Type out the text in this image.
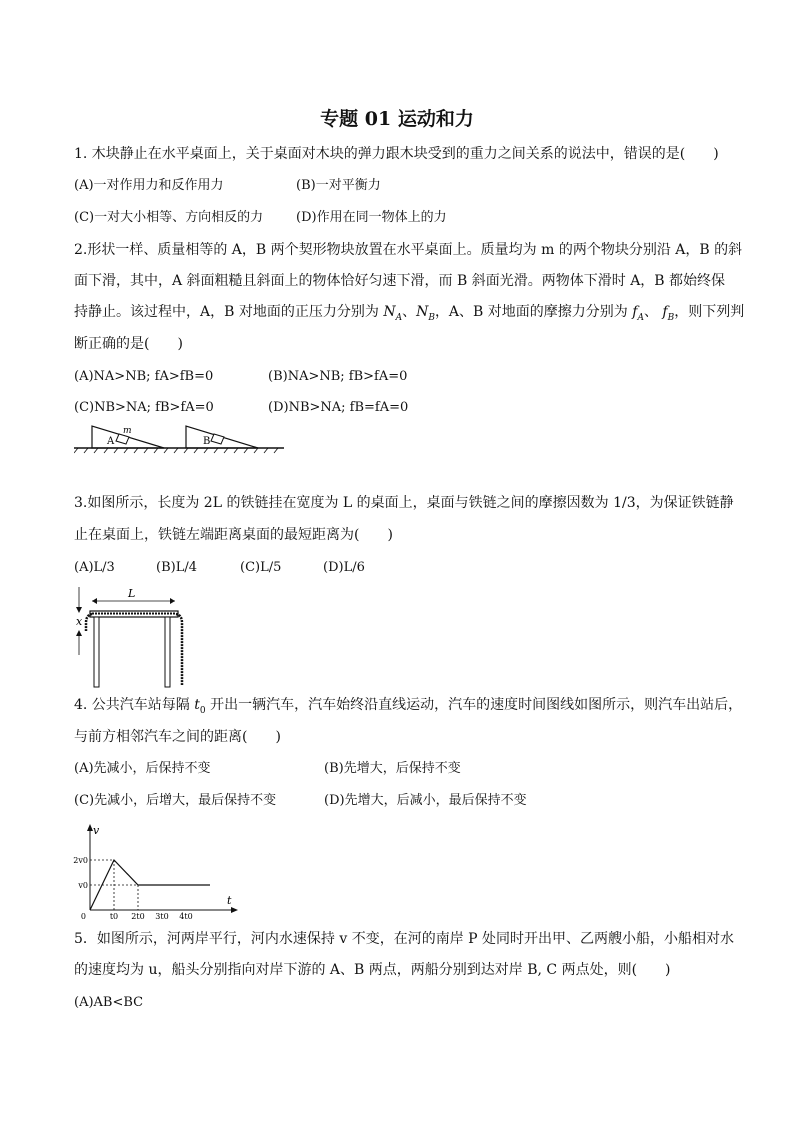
专题 01 运动和力
1. 木块静止在水平桌面上，关于桌面对木块的弹力跟木块受到的重力之间关系的说法中，错误的是(　　)
(A)一对作用力和反作用力	(B)一对平衡力
(C)一对大小相等、方向相反的力	(D)作用在同一物体上的力
2.形状一样、质量相等的 A，B 两个契形物块放置在水平桌面上。质量均为 m 的两个物块分别沿 A，B 的斜
面下滑，其中，A 斜面粗糙且斜面上的物体恰好匀速下滑，而 B 斜面光滑。两物体下滑时 A，B 都始终保
持静止。该过程中，A，B 对地面的正压力分别为 $N_A$、$N_B$，A、B 对地面的摩擦力分别为 $f_A$、 $f_B$，则下列判
断正确的是(　　)
(A)NA>NB; fA>fB=0	(B)NA>NB; fB>fA=0
(C)NB>NA; fB>fA=0	(D)NB>NA; fB=fA=0
m
A	B
3.如图所示，长度为 2L 的铁链挂在宽度为 L 的桌面上，桌面与铁链之间的摩擦因数为 1/3，为保证铁链静
止在桌面上，铁链左端距离桌面的最短距离为(　　)
(A)L/3	(B)L/4	(C)L/5	(D)L/6
L
x
4. 公共汽车站每隔 $t_0$ 开出一辆汽车，汽车始终沿直线运动，汽车的速度时间图线如图所示，则汽车出站后，
与前方相邻汽车之间的距离(　　)
(A)先减小，后保持不变	(B)先增大，后保持不变
(C)先减小，后增大，最后保持不变	(D)先增大，后减小，最后保持不变
v
t
0
2v0
v0
t0 2t0 3t0 4t0
5．如图所示，河两岸平行，河内水速保持 v 不变，在河的南岸 P 处同时开出甲、乙两艘小船，小船相对水
的速度均为 u，船头分别指向对岸下游的 A、B 两点，两船分别到达对岸 B, C 两点处，则(　　)
(A)AB<BC
